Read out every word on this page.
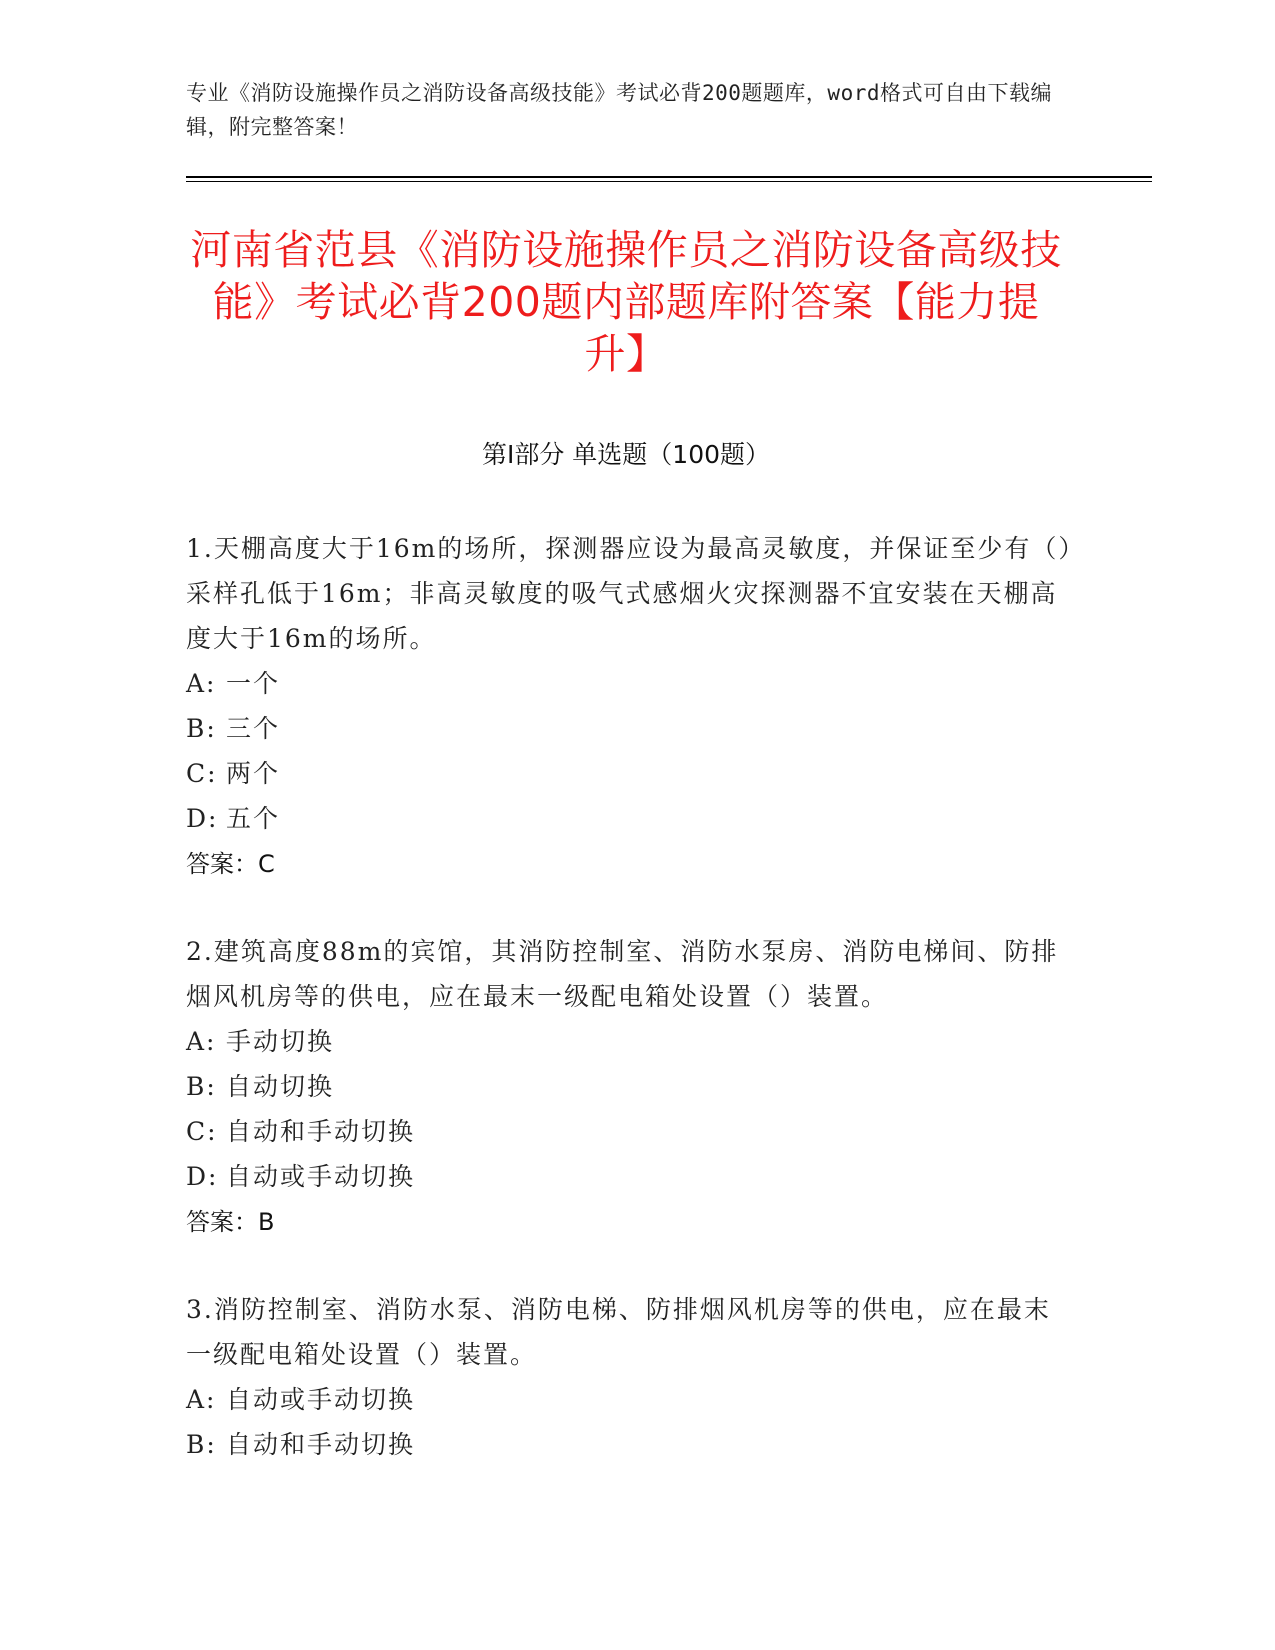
专业《消防设施操作员之消防设备高级技能》考试必背200题题库，word格式可自由下载编辑，附完整答案！
河南省范县《消防设施操作员之消防设备高级技能》考试必背200题内部题库附答案【能力提升】
第Ⅰ部分 单选题（100题）

1.天棚高度大于16m的场所，探测器应设为最高灵敏度，并保证至少有（）采样孔低于16m；非高灵敏度的吸气式感烟火灾探测器不宜安装在天棚高度大于16m的场所。

A: 一个

B: 三个

C: 两个

D: 五个

答案：C

2.建筑高度88m的宾馆，其消防控制室、消防水泵房、消防电梯间、防排烟风机房等的供电，应在最末一级配电箱处设置（）装置。

A: 手动切换

B: 自动切换

C: 自动和手动切换

D: 自动或手动切换

答案：B

3.消防控制室、消防水泵、消防电梯、防排烟风机房等的供电，应在最末一级配电箱处设置（）装置。

A: 自动或手动切换

B: 自动和手动切换
